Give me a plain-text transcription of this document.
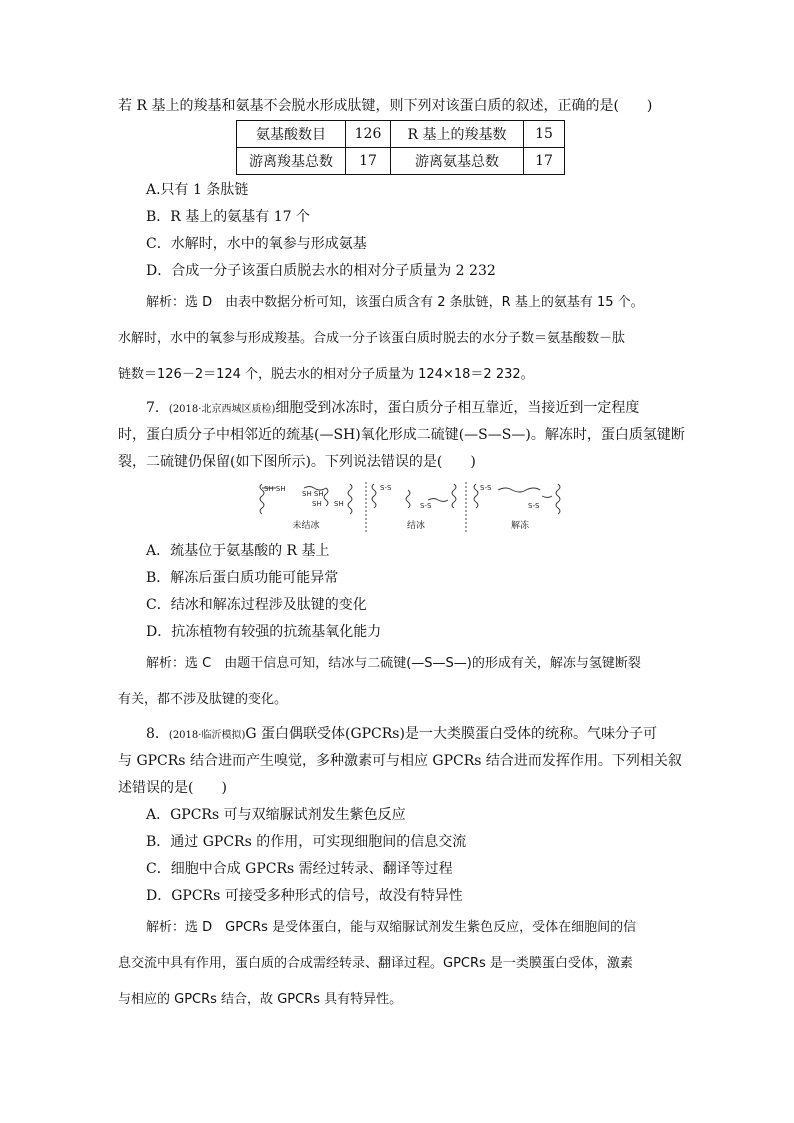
若 R 基上的羧基和氨基不会脱水形成肽键，则下列对该蛋白质的叙述，正确的是(　　)
氨基酸数目	126	R 基上的羧基数	15
游离羧基总数	17	游离氨基总数	17
A.只有 1 条肽链
B．R 基上的氨基有 17 个
C．水解时，水中的氧参与形成氨基
D．合成一分子该蛋白质脱去水的相对分子质量为 2 232
解析：选 D　由表中数据分析可知，该蛋白质含有 2 条肽链，R 基上的氨基有 15 个。
水解时，水中的氧参与形成羧基。合成一分子该蛋白质时脱去的水分子数＝氨基酸数－肽
链数＝126－2＝124 个，脱去水的相对分子质量为 124×18＝2 232。
7．(2018·北京西城区质检)细胞受到冰冻时，蛋白质分子相互靠近，当接近到一定程度
时，蛋白质分子中相邻近的巯基(—SH)氧化形成二硫键(—S—S—)。解冻时，蛋白质氢键断
裂，二硫键仍保留(如下图所示)。下列说法错误的是(　　)
SH SH
SH SH
SH SH
S-S
S-S
S-S
S-S
未结冰	结冰	解冻
A．巯基位于氨基酸的 R 基上
B．解冻后蛋白质功能可能异常
C．结冰和解冻过程涉及肽键的变化
D．抗冻植物有较强的抗巯基氧化能力
解析：选 C　由题干信息可知，结冰与二硫键(—S—S—)的形成有关，解冻与氢键断裂
有关，都不涉及肽键的变化。
8．(2018·临沂模拟)G 蛋白偶联受体(GPCRs)是一大类膜蛋白受体的统称。气味分子可
与 GPCRs 结合进而产生嗅觉，多种激素可与相应 GPCRs 结合进而发挥作用。下列相关叙
述错误的是(　　)
A．GPCRs 可与双缩脲试剂发生紫色反应
B．通过 GPCRs 的作用，可实现细胞间的信息交流
C．细胞中合成 GPCRs 需经过转录、翻译等过程
D．GPCRs 可接受多种形式的信号，故没有特异性
解析：选 D　GPCRs 是受体蛋白，能与双缩脲试剂发生紫色反应，受体在细胞间的信
息交流中具有作用，蛋白质的合成需经转录、翻译过程。GPCRs 是一类膜蛋白受体，激素
与相应的 GPCRs 结合，故 GPCRs 具有特异性。
